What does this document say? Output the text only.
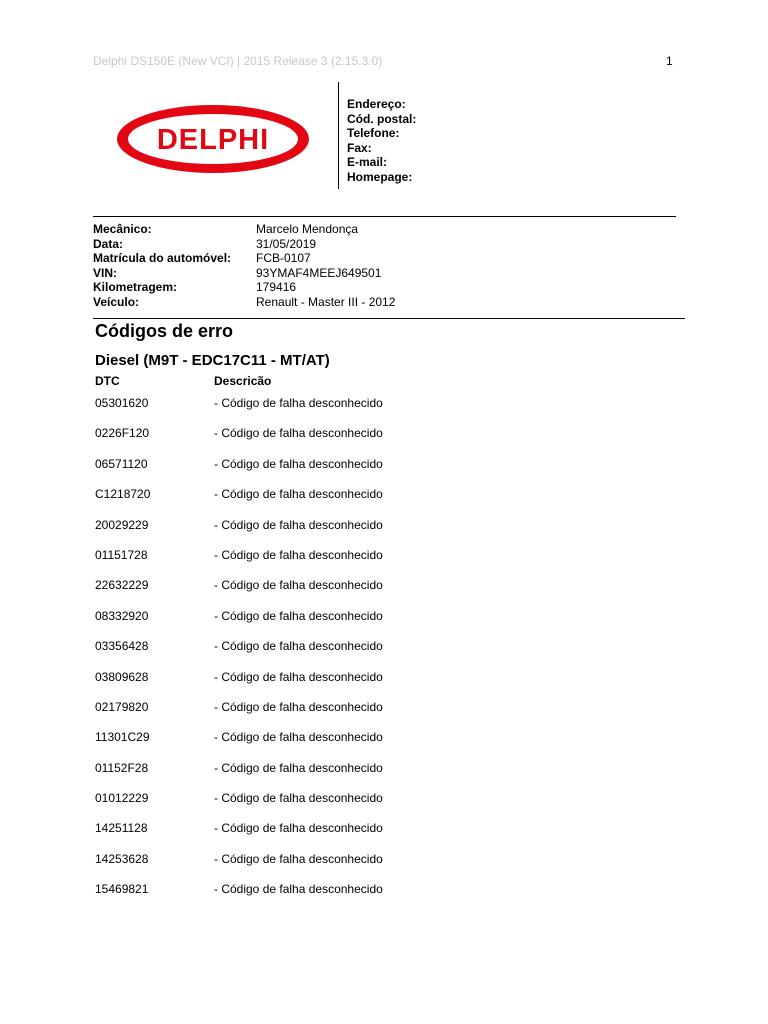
Delphi DS150E (New VCI) | 2015 Release 3 (2.15.3.0)	1
DELPHI
Endereço:
Cód. postal:
Telefone:
Fax:
E-mail:
Homepage:
Mecânico:	Marcelo Mendonça
Data:	31/05/2019
Matrícula do automóvel:	FCB-0107
VIN:	93YMAF4MEEJ649501
Kilometragem:	179416
Veículo:	Renault - Master III - 2012
Códigos de erro
Diesel (M9T - EDC17C11 - MT/AT)
DTC	Descricão
05301620	- Código de falha desconhecido
0226F120	- Código de falha desconhecido
06571120	- Código de falha desconhecido
C1218720	- Código de falha desconhecido
20029229	- Código de falha desconhecido
01151728	- Código de falha desconhecido
22632229	- Código de falha desconhecido
08332920	- Código de falha desconhecido
03356428	- Código de falha desconhecido
03809628	- Código de falha desconhecido
02179820	- Código de falha desconhecido
11301C29	- Código de falha desconhecido
01152F28	- Código de falha desconhecido
01012229	- Código de falha desconhecido
14251128	- Código de falha desconhecido
14253628	- Código de falha desconhecido
15469821	- Código de falha desconhecido
